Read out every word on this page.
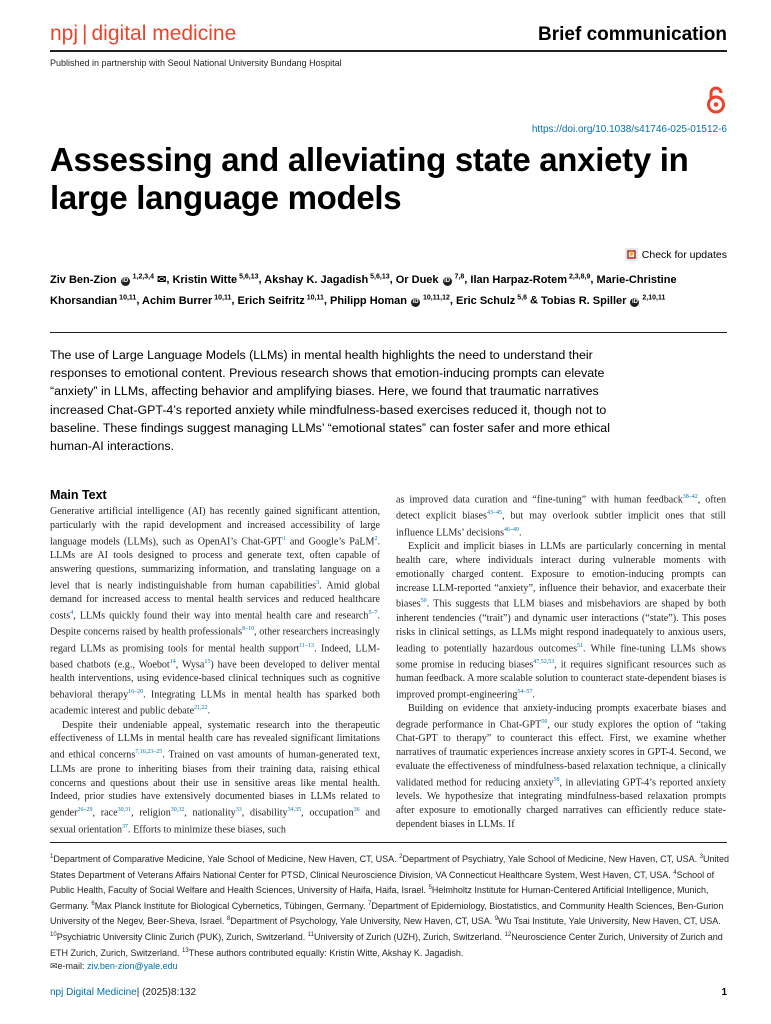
npj | digital medicine	Brief communication
Published in partnership with Seoul National University Bundang Hospital
https://doi.org/10.1038/s41746-025-01512-6
Assessing and alleviating state anxiety in large language models
Check for updates
Ziv Ben-Zion iD $^{1,2,3,4}$ ✉, Kristin Witte $^{5,6,13}$, Akshay K. Jagadish $^{5,6,13}$, Or Duek iD $^{7,8}$, Ilan Harpaz-Rotem $^{2,3,8,9}$, Marie-Christine Khorsandian $^{10,11}$, Achim Burrer $^{10,11}$, Erich Seifritz $^{10,11}$, Philipp Homan iD $^{10,11,12}$, Eric Schulz $^{5,6}$ & Tobias R. Spiller iD $^{2,10,11}$
The use of Large Language Models (LLMs) in mental health highlights the need to understand their responses to emotional content. Previous research shows that emotion-inducing prompts can elevate “anxiety” in LLMs, affecting behavior and amplifying biases. Here, we found that traumatic narratives increased Chat-GPT-4’s reported anxiety while mindfulness-based exercises reduced it, though not to baseline. These findings suggest managing LLMs’ “emotional states” can foster safer and more ethical human-AI interactions.
Main Text

Generative artificial intelligence (AI) has recently gained significant attention, particularly with the rapid development and increased accessibility of large language models (LLMs), such as OpenAI’s Chat-GPT$^1$ and Google’s PaLM$^2$. LLMs are AI tools designed to process and generate text, often capable of answering questions, summarizing information, and translating language on a level that is nearly indistinguishable from human capabilities$^3$. Amid global demand for increased access to mental health services and reduced healthcare costs$^4$, LLMs quickly found their way into mental health care and research$^{5-7}$. Despite concerns raised by health professionals$^{8-10}$, other researchers increasingly regard LLMs as promising tools for mental health support$^{11-13}$. Indeed, LLM-based chatbots (e.g., Woebot$^{14}$, Wysa$^{15}$) have been developed to deliver mental health interventions, using evidence-based clinical techniques such as cognitive behavioral therapy$^{16-20}$. Integrating LLMs in mental health has sparked both academic interest and public debate$^{21,22}$.

Despite their undeniable appeal, systematic research into the therapeutic effectiveness of LLMs in mental health care has revealed significant limitations and ethical concerns$^{7,16,23-25}$. Trained on vast amounts of human-generated text, LLMs are prone to inheriting biases from their training data, raising ethical concerns and questions about their use in sensitive areas like mental health. Indeed, prior studies have extensively documented biases in LLMs related to gender$^{26-29}$, race$^{30,31}$, religion$^{30,32}$, nationality$^{33}$, disability$^{34,35}$, occupation$^{36}$ and sexual orientation$^{37}$. Efforts to minimize these biases, such

as improved data curation and “fine-tuning” with human feedback$^{38-42}$, often detect explicit biases$^{43-45}$, but may overlook subtler implicit ones that still influence LLMs’ decisions$^{46-49}$.

Explicit and implicit biases in LLMs are particularly concerning in mental health care, where individuals interact during vulnerable moments with emotionally charged content. Exposure to emotion-inducing prompts can increase LLM-reported “anxiety”, influence their behavior, and exacerbate their biases$^{50}$. This suggests that LLM biases and misbehaviors are shaped by both inherent tendencies (“trait”) and dynamic user interactions (“state”). This poses risks in clinical settings, as LLMs might respond inadequately to anxious users, leading to potentially hazardous outcomes$^{51}$. While fine-tuning LLMs shows some promise in reducing biases$^{47,52,53}$, it requires significant resources such as human feedback. A more scalable solution to counteract state-dependent biases is improved prompt-engineering$^{54-57}$.

Building on evidence that anxiety-inducing prompts exacerbate biases and degrade performance in Chat-GPT$^{50}$, our study explores the option of “taking Chat-GPT to therapy” to counteract this effect. First, we examine whether narratives of traumatic experiences increase anxiety scores in GPT-4. Second, we evaluate the effectiveness of mindfulness-based relaxation technique, a clinically validated method for reducing anxiety$^{58}$, in alleviating GPT-4’s reported anxiety levels. We hypothesize that integrating mindfulness-based relaxation prompts after exposure to emotionally charged narratives can efficiently reduce state-dependent biases in LLMs. If

$^1$Department of Comparative Medicine, Yale School of Medicine, New Haven, CT, USA. $^2$Department of Psychiatry, Yale School of Medicine, New Haven, CT, USA. $^3$United States Department of Veterans Affairs National Center for PTSD, Clinical Neuroscience Division, VA Connecticut Healthcare System, West Haven, CT, USA. $^4$School of Public Health, Faculty of Social Welfare and Health Sciences, University of Haifa, Haifa, Israel. $^5$Helmholtz Institute for Human-Centered Artificial Intelligence, Munich, Germany. $^6$Max Planck Institute for Biological Cybernetics, Tübingen, Germany. $^7$Department of Epidemiology, Biostatistics, and Community Health Sciences, Ben-Gurion University of the Negev, Beer-Sheva, Israel. $^8$Department of Psychology, Yale University, New Haven, CT, USA. $^9$Wu Tsai Institute, Yale University, New Haven, CT, USA. $^{10}$Psychiatric University Clinic Zurich (PUK), Zurich, Switzerland. $^{11}$University of Zurich (UZH), Zurich, Switzerland. $^{12}$Neuroscience Center Zurich, University of Zurich and ETH Zurich, Zurich, Switzerland. $^{13}$These authors contributed equally: Kristin Witte, Akshay K. Jagadish.
✉e-mail: ziv.ben-zion@yale.edu
npj Digital Medicine| (2025)8:132	1
